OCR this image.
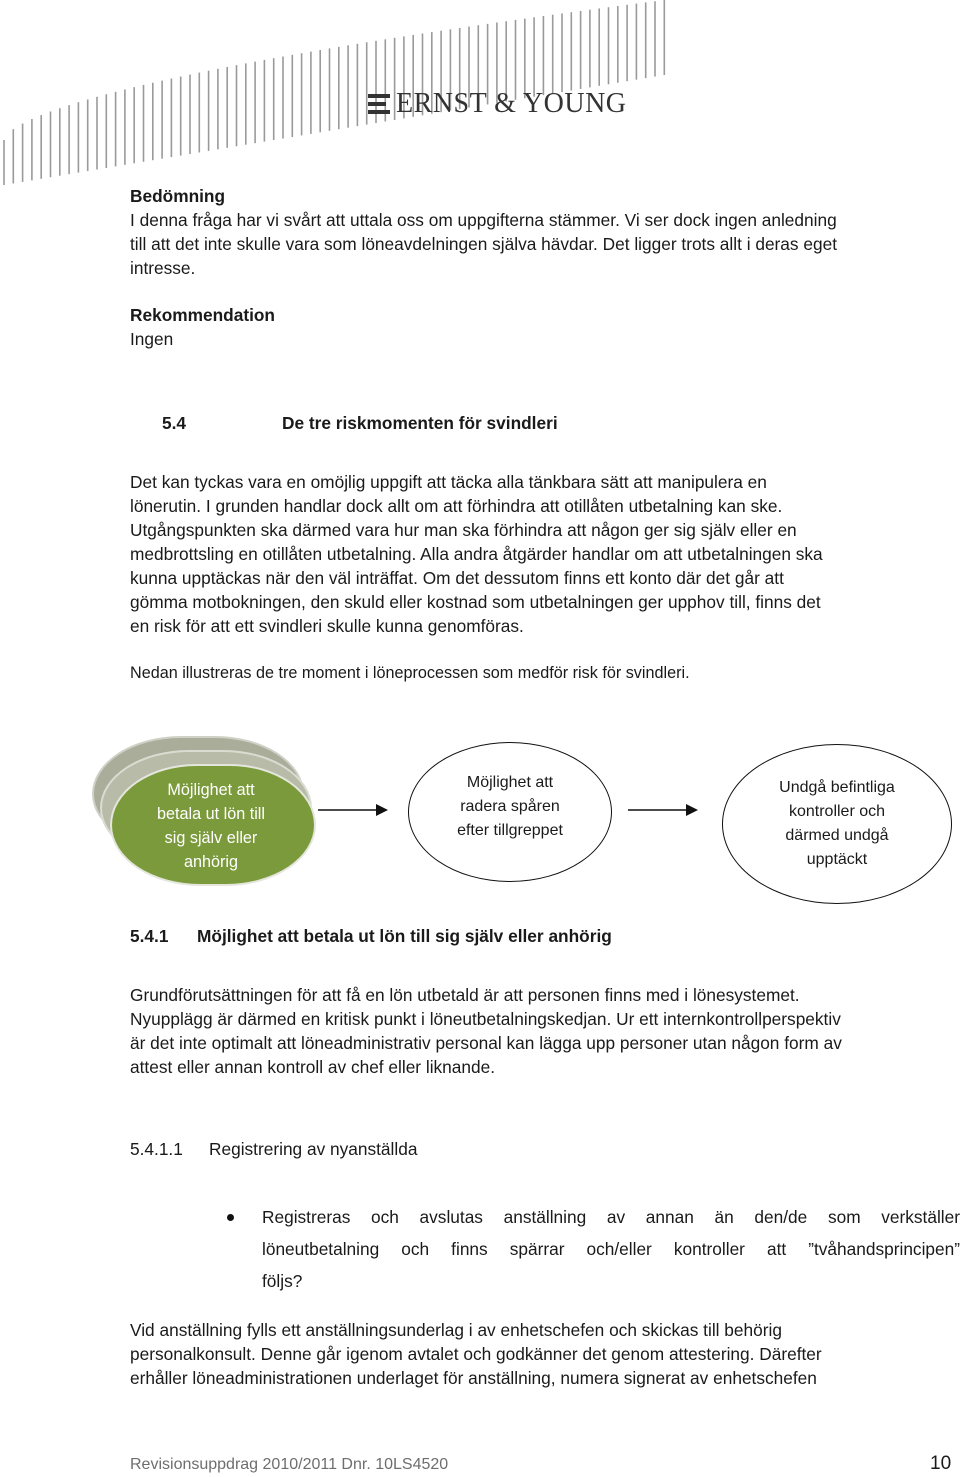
ERNST & YOUNG
Bedömning
I denna fråga har vi svårt att uttala oss om uppgifterna stämmer. Vi ser dock ingen anledning
till att det inte skulle vara som löneavdelningen själva hävdar. Det ligger trots allt i deras eget
intresse.
Rekommendation
Ingen
5.4	De tre riskmomenten för svindleri
Det kan tyckas vara en omöjlig uppgift att täcka alla tänkbara sätt att manipulera en
lönerutin. I grunden handlar dock allt om att förhindra att otillåten utbetalning kan ske.
Utgångspunkten ska därmed vara hur man ska förhindra att någon ger sig själv eller en
medbrottsling en otillåten utbetalning. Alla andra åtgärder handlar om att utbetalningen ska
kunna upptäckas när den väl inträffat. Om det dessutom finns ett konto där det går att
gömma motbokningen, den skuld eller kostnad som utbetalningen ger upphov till, finns det
en risk för att ett svindleri skulle kunna genomföras.
Nedan illustreras de tre moment i löneprocessen som medför risk för svindleri.
Möjlighet att
betala ut lön till
sig själv eller
anhörig
Möjlighet att
radera spåren
efter tillgreppet
Undgå befintliga
kontroller och
därmed undgå
upptäckt
5.4.1 Möjlighet att betala ut lön till sig själv eller anhörig
Grundförutsättningen för att få en lön utbetald är att personen finns med i lönesystemet.
Nyupplägg är därmed en kritisk punkt i löneutbetalningskedjan. Ur ett internkontrollperspektiv
är det inte optimalt att löneadministrativ personal kan lägga upp personer utan någon form av
attest eller annan kontroll av chef eller liknande.
5.4.1.1 Registrering av nyanställda
Registreras och avslutas anställning av annan än den/de som verkställer
löneutbetalning och finns spärrar och/eller kontroller att ”tvåhandsprincipen”
följs?
Vid anställning fylls ett anställningsunderlag i av enhetschefen och skickas till behörig
personalkonsult. Denne går igenom avtalet och godkänner det genom attestering. Därefter
erhåller löneadministrationen underlaget för anställning, numera signerat av enhetschefen
Revisionsuppdrag 2010/2011 Dnr. 10LS4520	10
